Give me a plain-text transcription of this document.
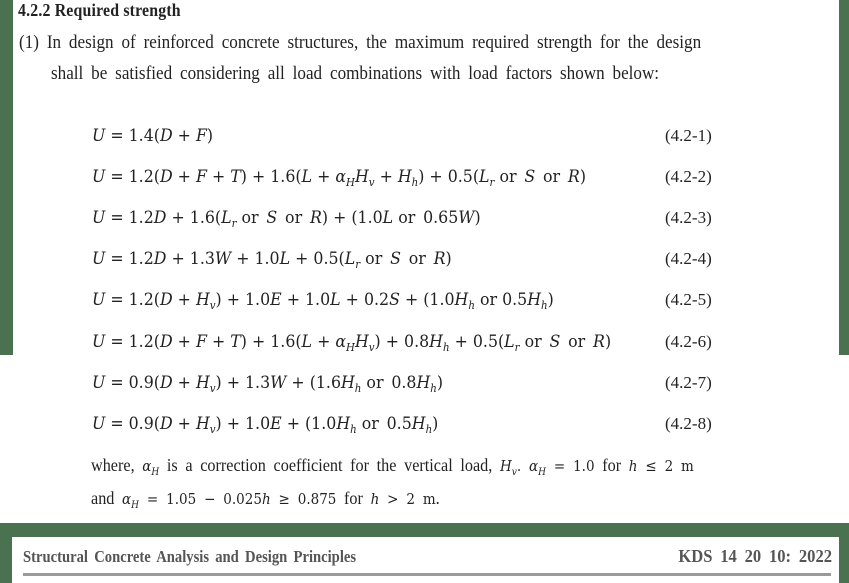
4.2.2 Required strength
(1) In design of reinforced concrete structures, the maximum required strength for the design
shall be satisfied considering all load combinations with load factors shown below:
U = 1.4(D + F)	(4.2-1)
$U = 1.2(D + F + T) + 1.6(L + \alpha_HH_v + H_h) + 0.5(L_r$ or S or R)	(4.2-2)
$U = 1.2D + 1.6(L_r$ or S or R) + (1.0L or 0.65W)	(4.2-3)
$U = 1.2D + 1.3W + 1.0L + 0.5(L_r$ or S or R)	(4.2-4)
$U = 1.2(D + H_v) + 1.0E + 1.0L + 0.2S + (1.0H_h$ or $0.5H_h$)	(4.2-5)
$U = 1.2(D + F + T) + 1.6(L + \alpha_HH_v) + 0.8H_h + 0.5(L_r$ or S or R)	(4.2-6)
$U = 0.9(D + H_v) + 1.3W + (1.6H_h$ or $0.8H_h$)	(4.2-7)
$U = 0.9(D + H_v) + 1.0E + (1.0H_h$ or $0.5H_h$)	(4.2-8)
where, $\alpha_H$ is a correction coefficient for the vertical load, $H_v$. $\alpha_H = 1.0$ for h ≤ 2 m
and $\alpha_H = 1.05 - 0.025h \ge 0.875$ for h > 2 m.
Structural Concrete Analysis and Design Principles	KDS 14 20 10: 2022
